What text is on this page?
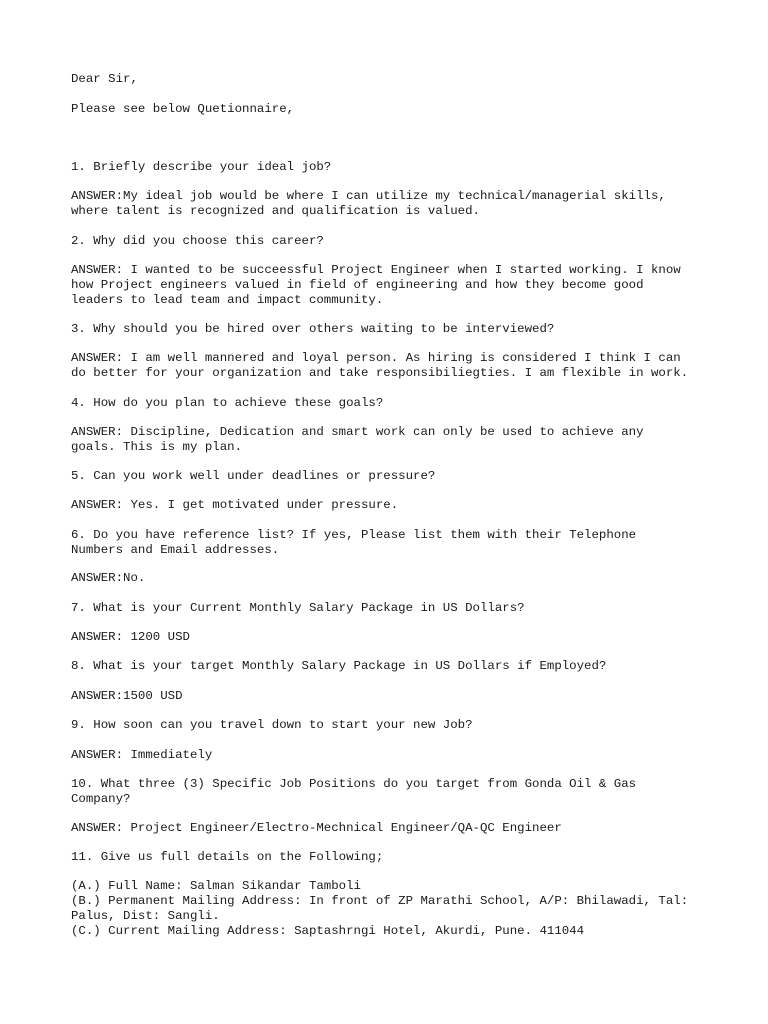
Dear Sir,
Please see below Quetionnaire,
1. Briefly describe your ideal job?
ANSWER:My ideal job would be where I can utilize my technical/managerial skills,
where talent is recognized and qualification is valued.
2. Why did you choose this career?
ANSWER: I wanted to be succeessful Project Engineer when I started working. I know
how Project engineers valued in field of engineering and how they become good
leaders to lead team and impact community.
3. Why should you be hired over others waiting to be interviewed?
ANSWER: I am well mannered and loyal person. As hiring is considered I think I can
do better for your organization and take responsibiliegties. I am flexible in work.
4. How do you plan to achieve these goals?
ANSWER: Discipline, Dedication and smart work can only be used to achieve any
goals. This is my plan.
5. Can you work well under deadlines or pressure?
ANSWER: Yes. I get motivated under pressure.
6. Do you have reference list? If yes, Please list them with their Telephone
Numbers and Email addresses.
ANSWER:No.
7. What is your Current Monthly Salary Package in US Dollars?
ANSWER: 1200 USD
8. What is your target Monthly Salary Package in US Dollars if Employed?
ANSWER:1500 USD
9. How soon can you travel down to start your new Job?
ANSWER: Immediately
10. What three (3) Specific Job Positions do you target from Gonda Oil & Gas
Company?
ANSWER: Project Engineer/Electro-Mechnical Engineer/QA-QC Engineer
11. Give us full details on the Following;
(A.) Full Name: Salman Sikandar Tamboli
(B.) Permanent Mailing Address: In front of ZP Marathi School, A/P: Bhilawadi, Tal:
Palus, Dist: Sangli.
(C.) Current Mailing Address: Saptashrngi Hotel, Akurdi, Pune. 411044
